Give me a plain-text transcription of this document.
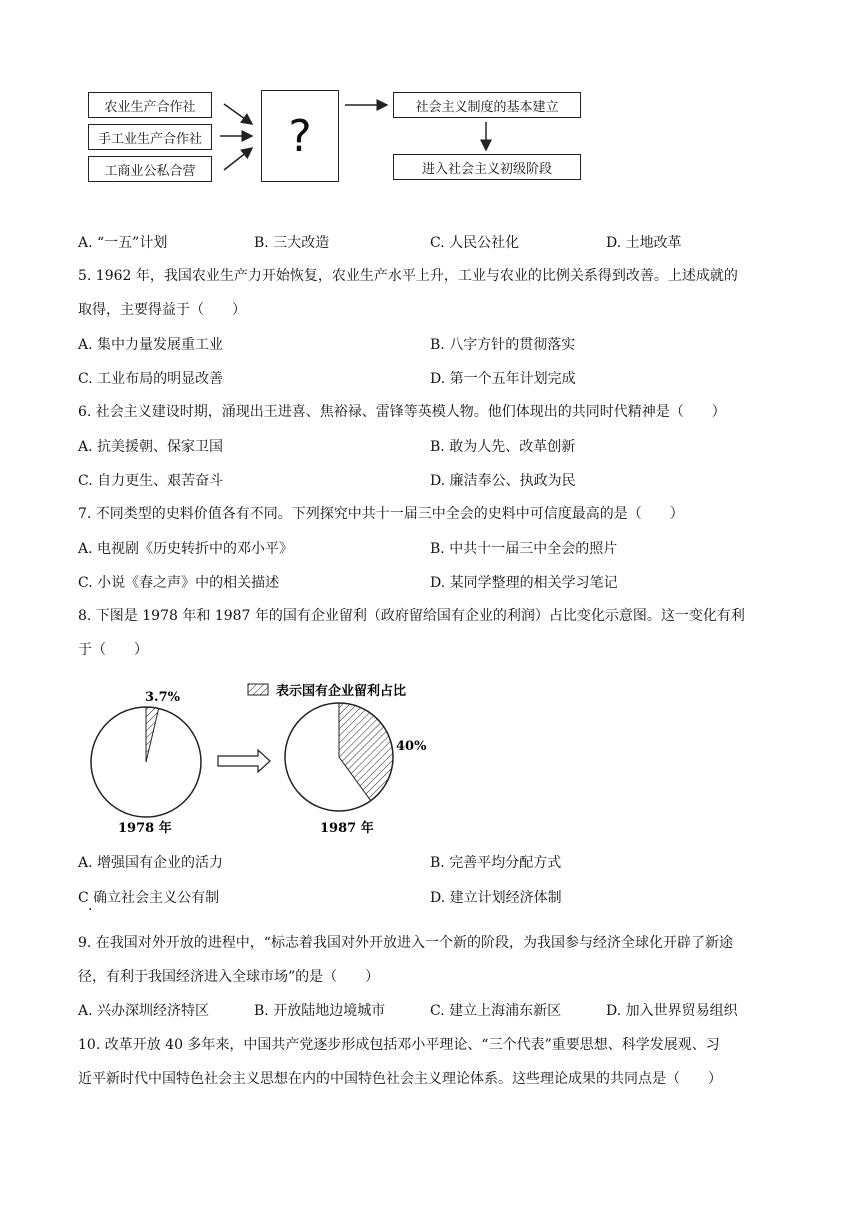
农业生产合作社
手工业生产合作社
工商业公私合营
?
社会主义制度的基本建立
进入社会主义初级阶段
A. “一五”计划	B. 三大改造	C. 人民公社化	D. 土地改革
5. 1962 年，我国农业生产力开始恢复，农业生产水平上升，工业与农业的比例关系得到改善。上述成就的
取得，主要得益于（　　）
A. 集中力量发展重工业	B. 八字方针的贯彻落实
C. 工业布局的明显改善	D. 第一个五年计划完成
6. 社会主义建设时期，涌现出王进喜、焦裕禄、雷锋等英模人物。他们体现出的共同时代精神是（　　）
A. 抗美援朝、保家卫国	B. 敢为人先、改革创新
C. 自力更生、艰苦奋斗	D. 廉洁奉公、执政为民
7. 不同类型的史料价值各有不同。下列探究中共十一届三中全会的史料中可信度最高的是（　　）
A. 电视剧《历史转折中的邓小平》	B. 中共十一届三中全会的照片
C. 小说《春之声》中的相关描述	D. 某同学整理的相关学习笔记
8. 下图是 1978 年和 1987 年的国有企业留利（政府留给国有企业的利润）占比变化示意图。这一变化有利
于（　　）
表示国有企业留利占比
3.7%
1978 年
40%
1987 年
A. 增强国有企业的活力	B. 完善平均分配方式
C 确立社会主义公有制	D. 建立计划经济体制
·
9. 在我国对外开放的进程中，“标志着我国对外开放进入一个新的阶段，为我国参与经济全球化开辟了新途
径，有利于我国经济进入全球市场”的是（　　）
A. 兴办深圳经济特区	B. 开放陆地边境城市	C. 建立上海浦东新区	D. 加入世界贸易组织
10. 改革开放 40 多年来，中国共产党逐步形成包括邓小平理论、“三个代表”重要思想、科学发展观、习
近平新时代中国特色社会主义思想在内的中国特色社会主义理论体系。这些理论成果的共同点是（　　）
